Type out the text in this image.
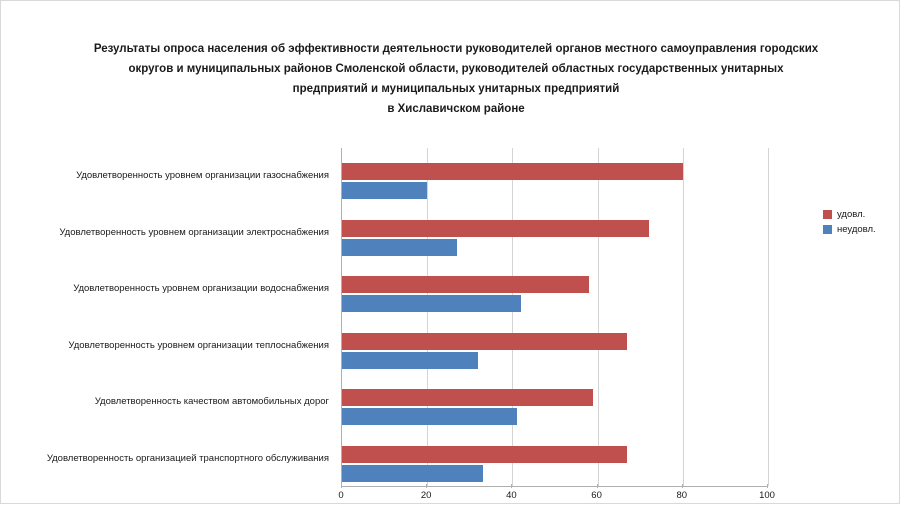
Результаты опроса населения об эффективности деятельности руководителей органов местного самоуправления городских
округов и муниципальных районов Смоленской области, руководителей областных государственных унитарных
предприятий и муниципальных унитарных предприятий
в Хиславичском районе
Удовлетворенность уровнем организации газоснабжения
Удовлетворенность уровнем организации электроснабжения
Удовлетворенность уровнем организации водоснабжения
Удовлетворенность уровнем организации теплоснабжения
Удовлетворенность качеством автомобильных дорог
Удовлетворенность организацией транспортного обслуживания
0	20	40	60	80	100
удовл.
неудовл.
